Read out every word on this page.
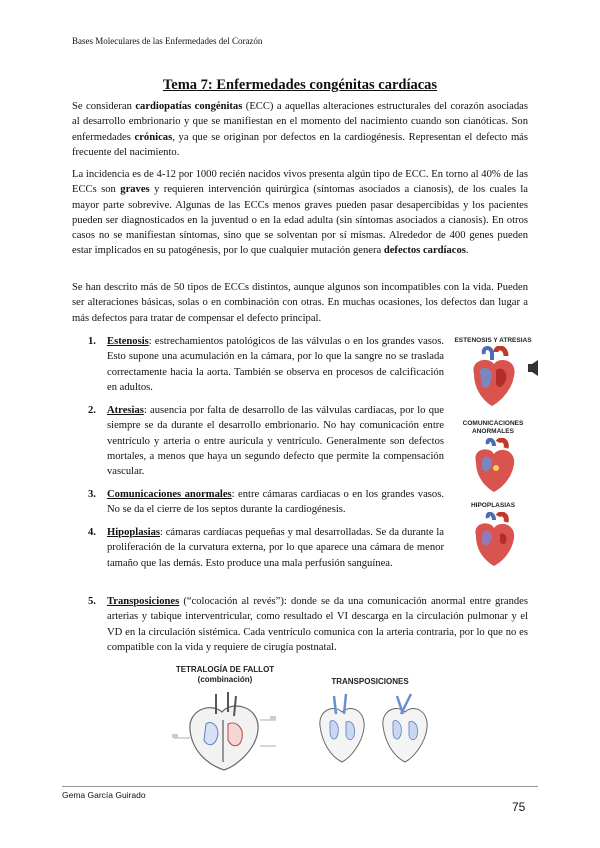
Bases Moleculares de las Enfermedades del Corazón
Tema 7: Enfermedades congénitas cardíacas

Se consideran cardiopatías congénitas (ECC) a aquellas alteraciones estructurales del corazón asociadas al desarrollo embrionario y que se manifiestan en el momento del nacimiento cuando son cianóticas. Son enfermedades crónicas, ya que se originan por defectos en la cardiogénesis. Representan el defecto más frecuente del nacimiento.

La incidencia es de 4-12 por 1000 recién nacidos vivos presenta algún tipo de ECC. En torno al 40% de las ECCs son graves y requieren intervención quirúrgica (síntomas asociados a cianosis), de los cuales la mayor parte sobrevive. Algunas de las ECCs menos graves pueden pasar desapercibidas y los pacientes pueden ser diagnosticados en la juventud o en la edad adulta (sin síntomas asociados a cianosis). En otros casos no se manifiestan síntomas, sino que se solventan por sí mismas. Alrededor de 400 genes pueden estar implicados en su patogénesis, por lo que cualquier mutación genera defectos cardíacos.

Se han descrito más de 50 tipos de ECCs distintos, aunque algunos son incompatibles con la vida. Pueden ser alteraciones básicas, solas o en combinación con otras. En muchas ocasiones, los defectos dan lugar a más defectos para tratar de compensar el defecto principal.

1. Estenosis: estrechamientos patológicos de las válvulas o en los grandes vasos. Esto supone una acumulación en la cámara, por lo que la sangre no se traslada correctamente hacia la aorta. También se observa en procesos de calcificación en adultos.
2. Atresias: ausencia por falta de desarrollo de las válvulas cardiacas, por lo que siempre se da durante el desarrollo embrionario. No hay comunicación entre ventrículo y arteria o entre aurícula y ventrículo. Generalmente son defectos mortales, a menos que haya un segundo defecto que permite la compensación vascular.
3. Comunicaciones anormales: entre cámaras cardiacas o en los grandes vasos. No se da el cierre de los septos durante la cardiogénesis.
4. Hipoplasias: cámaras cardíacas pequeñas y mal desarrolladas. Se da durante la proliferación de la curvatura externa, por lo que aparece una cámara de menor tamaño que las demás. Esto produce una mala perfusión sanguínea.
5. Transposiciones (“colocación al revés”): donde se da una comunicación anormal entre grandes arterias y tabique interventricular, como resultado el VI descarga en la circulación pulmonar y el VD en la circulación sistémica. Cada ventrículo comunica con la arteria contraria, por lo que no es compatible con la vida y requiere de cirugía postnatal.
ESTENOSIS Y ATRESIAS
COMUNICACIONES
ANORMALES
HIPOPLASIAS
TETRALOGÍA DE FALLOT
(combinación)	TRANSPOSICIONES
Gema García Guirado
75
